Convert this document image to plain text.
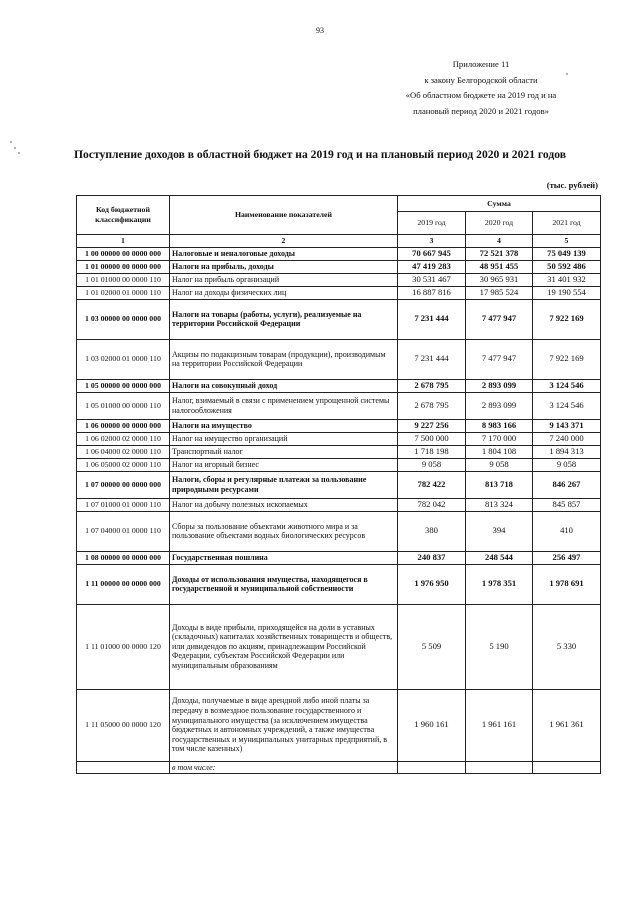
93
Приложение 11
к закону Белгородской области
«Об областном бюджете на 2019 год и на
плановый период 2020 и 2021 годов»
Поступление доходов в областной бюджет на 2019 год и на плановый период 2020 и 2021 годов
(тыс. рублей)
Код бюджетной классификации	Наименование показателей	Сумма		
		2019 год	2020 год	2021 год
1	2	3	4	5
1 00 00000 00 0000 000	Налоговые и неналоговые доходы	70 667 945	72 521 378	75 049 139
1 01 00000 00 0000 000	Налоги на прибыль, доходы	47 419 283	48 951 455	50 592 486
1 01 01000 00 0000 110	Налог на прибыль организаций	30 531 467	30 965 931	31 401 932
1 01 02000 01 0000 110	Налог на доходы физических лиц	16 887 816	17 985 524	19 190 554
1 03 00000 00 0000 000	Налоги на товары (работы, услуги), реализуемые на территории Российской Федерации	7 231 444	7 477 947	7 922 169
1 03 02000 01 0000 110	Акцизы по подакцизным товарам (продукции), производимым на территории Российской Федерации	7 231 444	7 477 947	7 922 169
1 05 00000 00 0000 000	Налоги на совокупный доход	2 678 795	2 893 099	3 124 546
1 05 01000 00 0000 110	Налог, взимаемый в связи с применением упрощенной системы налогообложения	2 678 795	2 893 099	3 124 546
1 06 00000 00 0000 000	Налоги на имущество	9 227 256	8 983 166	9 143 371
1 06 02000 02 0000 110	Налог на имущество организаций	7 500 000	7 170 000	7 240 000
1 06 04000 02 0000 110	Транспортный налог	1 718 198	1 804 108	1 894 313
1 06 05000 02 0000 110	Налог на игорный бизнес	9 058	9 058	9 058
1 07 00000 00 0000 000	Налоги, сборы и регулярные платежи за пользование природными ресурсами	782 422	813 718	846 267
1 07 01000 01 0000 110	Налог на добычу полезных ископаемых	782 042	813 324	845 857
1 07 04000 01 0000 110	Сборы за пользование объектами животного мира и за пользование объектами водных биологических ресурсов	380	394	410
1 08 00000 00 0000 000	Государственная пошлина	240 837	248 544	256 497
1 11 00000 00 0000 000	Доходы от использования имущества, находящегося в государственной и муниципальной собственности	1 976 950	1 978 351	1 978 691
1 11 01000 00 0000 120	Доходы в виде прибыли, приходящейся на доли в уставных (складочных) капиталах хозяйственных товариществ и обществ, или дивидендов по акциям, принадлежащим Российской Федерации, субъектам Российской Федерации или муниципальным образованиям	5 509	5 190	5 330
1 11 05000 00 0000 120	Доходы, получаемые в виде арендной либо иной платы за передачу в возмездное пользование государственного и муниципального имущества (за исключением имущества бюджетных и автономных учреждений, а также имущества государственных и муниципальных унитарных предприятий, в том числе казенных)	1 960 161	1 961 161	1 961 361
	в том числе:			
